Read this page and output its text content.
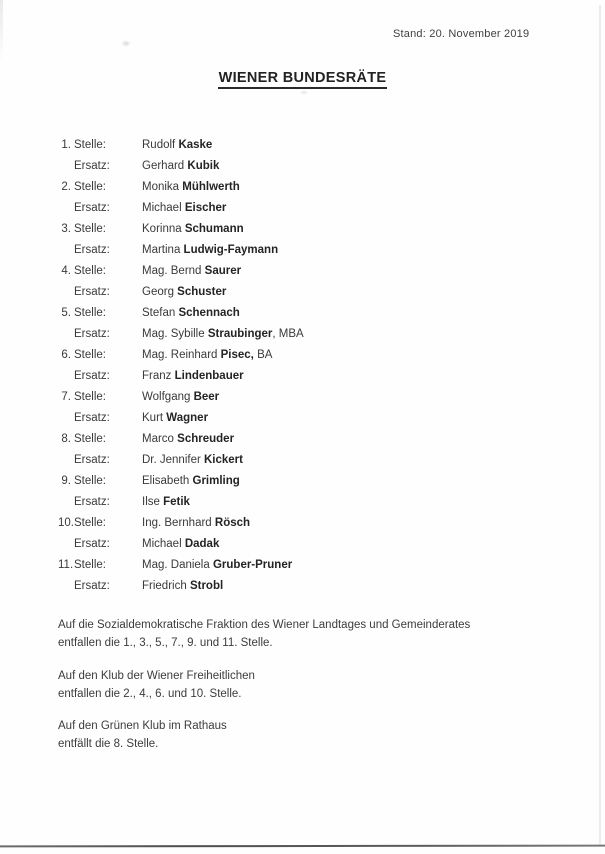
Stand: 20. November 2019
WIENER BUNDESRÄTE
1. Stelle:	Rudolf Kaske
Ersatz:	Gerhard Kubik
2. Stelle:	Monika Mühlwerth
Ersatz:	Michael Eischer
3. Stelle:	Korinna Schumann
Ersatz:	Martina Ludwig-Faymann
4. Stelle:	Mag. Bernd Saurer
Ersatz:	Georg Schuster
5. Stelle:	Stefan Schennach
Ersatz:	Mag. Sybille Straubinger, MBA
6. Stelle:	Mag. Reinhard Pisec, BA
Ersatz:	Franz Lindenbauer
7. Stelle:	Wolfgang Beer
Ersatz:	Kurt Wagner
8. Stelle:	Marco Schreuder
Ersatz:	Dr. Jennifer Kickert
9. Stelle:	Elisabeth Grimling
Ersatz:	Ilse Fetik
10. Stelle:	Ing. Bernhard Rösch
Ersatz:	Michael Dadak
11. Stelle:	Mag. Daniela Gruber-Pruner
Ersatz:	Friedrich Strobl

Auf die Sozialdemokratische Fraktion des Wiener Landtages und Gemeinderates
entfallen die 1., 3., 5., 7., 9. und 11. Stelle.

Auf den Klub der Wiener Freiheitlichen
entfallen die 2., 4., 6. und 10. Stelle.

Auf den Grünen Klub im Rathaus
entfällt die 8. Stelle.
